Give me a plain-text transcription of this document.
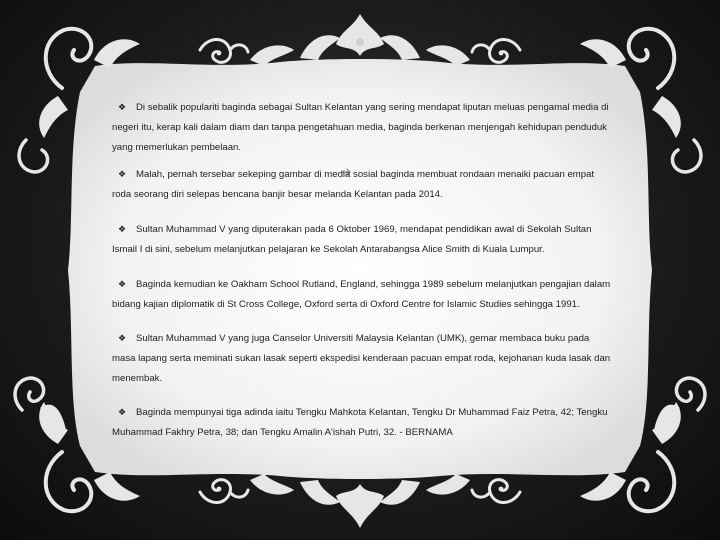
❖ Di sebalik populariti baginda sebagai Sultan Kelantan yang sering mendapat liputan meluas pengamal media di negeri itu, kerap kali dalam diam dan tanpa pengetahuan media, baginda berkenan menjengah kehidupan penduduk yang memerlukan pembelaan.
❖ Malah, pernah tersebar sekeping gambar di media sosial baginda membuat rondaan menaiki pacuan empat roda seorang diri selepas bencana banjir besar melanda Kelantan pada 2014.
❖ Sultan Muhammad V yang diputerakan pada 6 Oktober 1969, mendapat pendidikan awal di Sekolah Sultan Ismail I di sini, sebelum melanjutkan pelajaran ke Sekolah Antarabangsa Alice Smith di Kuala Lumpur.
❖ Baginda kemudian ke Oakham School Rutland, England, sehingga 1989 sebelum melanjutkan pengajian dalam bidang kajian diplomatik di St Cross College, Oxford serta di Oxford Centre for Islamic Studies sehingga 1991.
❖ Sultan Muhammad V yang juga Canselor Universiti Malaysia Kelantan (UMK), gemar membaca buku pada masa lapang serta meminati sukan lasak seperti ekspedisi kenderaan pacuan empat roda, kejohanan kuda lasak dan menembak.
❖ Baginda mempunyai tiga adinda iaitu Tengku Mahkota Kelantan, Tengku Dr Muhammad Faiz Petra, 42; Tengku Muhammad Fakhry Petra, 38; dan Tengku Amalin A'ishah Putri, 32. - BERNAMA
